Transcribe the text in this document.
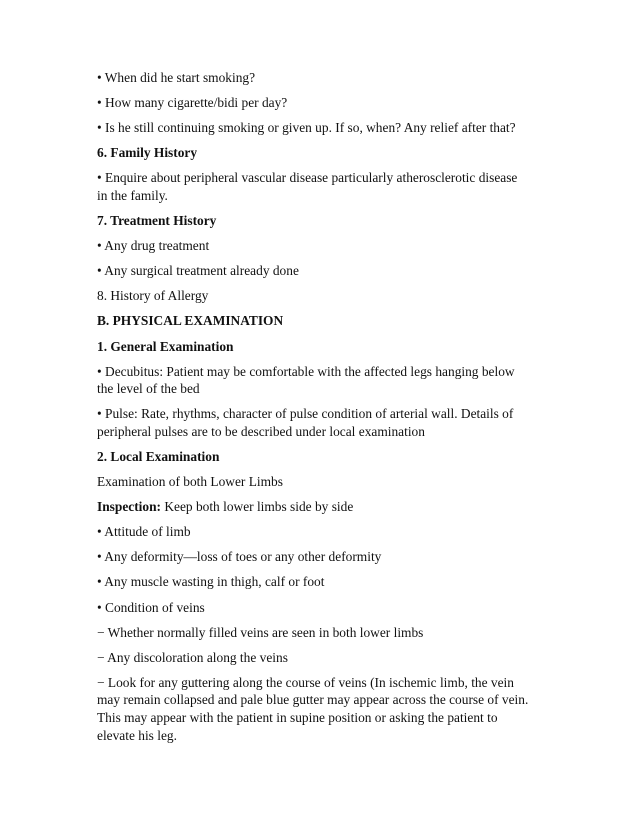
• When did he start smoking?
• How many cigarette/bidi per day?
• Is he still continuing smoking or given up. If so, when? Any relief after that?
6. Family History
• Enquire about peripheral vascular disease particularly atherosclerotic disease
in the family.
7. Treatment History
• Any drug treatment
• Any surgical treatment already done
8. History of Allergy
B. PHYSICAL EXAMINATION
1. General Examination
• Decubitus: Patient may be comfortable with the affected legs hanging below
the level of the bed
• Pulse: Rate, rhythms, character of pulse condition of arterial wall. Details of
peripheral pulses are to be described under local examination
2. Local Examination
Examination of both Lower Limbs
Inspection: Keep both lower limbs side by side
• Attitude of limb
• Any deformity—loss of toes or any other deformity
• Any muscle wasting in thigh, calf or foot
• Condition of veins
− Whether normally filled veins are seen in both lower limbs
− Any discoloration along the veins
− Look for any guttering along the course of veins (In ischemic limb, the vein
may remain collapsed and pale blue gutter may appear across the course of vein.
This may appear with the patient in supine position or asking the patient to
elevate his leg.
